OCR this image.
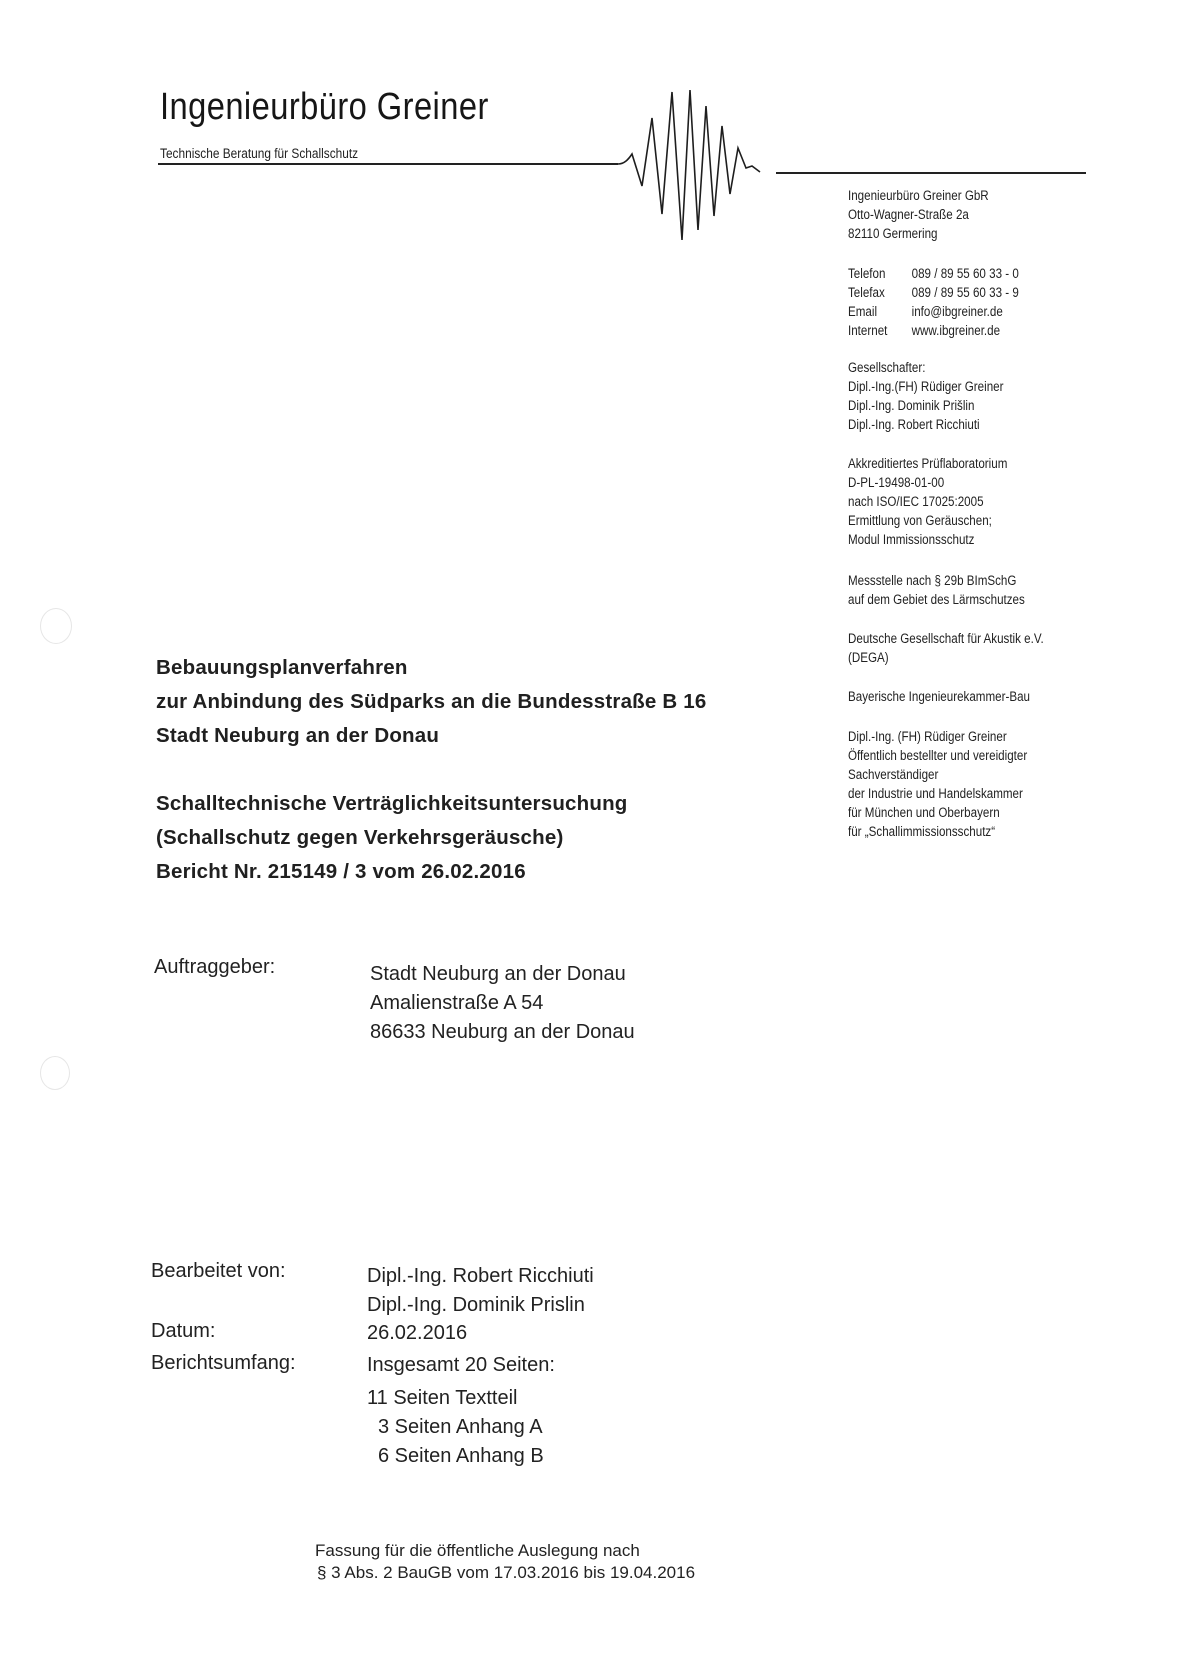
Ingenieurbüro Greiner
Technische Beratung für Schallschutz
Ingenieurbüro Greiner GbR
Otto-Wagner-Straße 2a
82110 Germering
Telefon	089 / 89 55 60 33 - 0
Telefax	089 / 89 55 60 33 - 9
Email	info@ibgreiner.de
Internet	www.ibgreiner.de
Gesellschafter:
Dipl.-Ing.(FH) Rüdiger Greiner
Dipl.-Ing. Dominik Prišlin
Dipl.-Ing. Robert Ricchiuti
Akkreditiertes Prüflaboratorium
D-PL-19498-01-00
nach ISO/IEC 17025:2005
Ermittlung von Geräuschen;
Modul Immissionsschutz
Messstelle nach § 29b BImSchG
auf dem Gebiet des Lärmschutzes
Deutsche Gesellschaft für Akustik e.V.
(DEGA)
Bayerische Ingenieurekammer-Bau
Dipl.-Ing. (FH) Rüdiger Greiner
Öffentlich bestellter und vereidigter
Sachverständiger
der Industrie und Handelskammer
für München und Oberbayern
für „Schallimmissionsschutz“
Bebauungsplanverfahren
zur Anbindung des Südparks an die Bundesstraße B 16
Stadt Neuburg an der Donau
Schalltechnische Verträglichkeitsuntersuchung
(Schallschutz gegen Verkehrsgeräusche)
Bericht Nr. 215149 / 3 vom 26.02.2016
Auftraggeber:	Stadt Neuburg an der Donau
Amalienstraße A 54
86633 Neuburg an der Donau
Bearbeitet von:	Dipl.-Ing. Robert Ricchiuti
Dipl.-Ing. Dominik Prislin
Datum:	26.02.2016
Berichtsumfang:	Insgesamt 20 Seiten:
11 Seiten Textteil
3 Seiten Anhang A
6 Seiten Anhang B
Fassung für die öffentliche Auslegung nach
§ 3 Abs. 2 BauGB vom 17.03.2016 bis 19.04.2016
